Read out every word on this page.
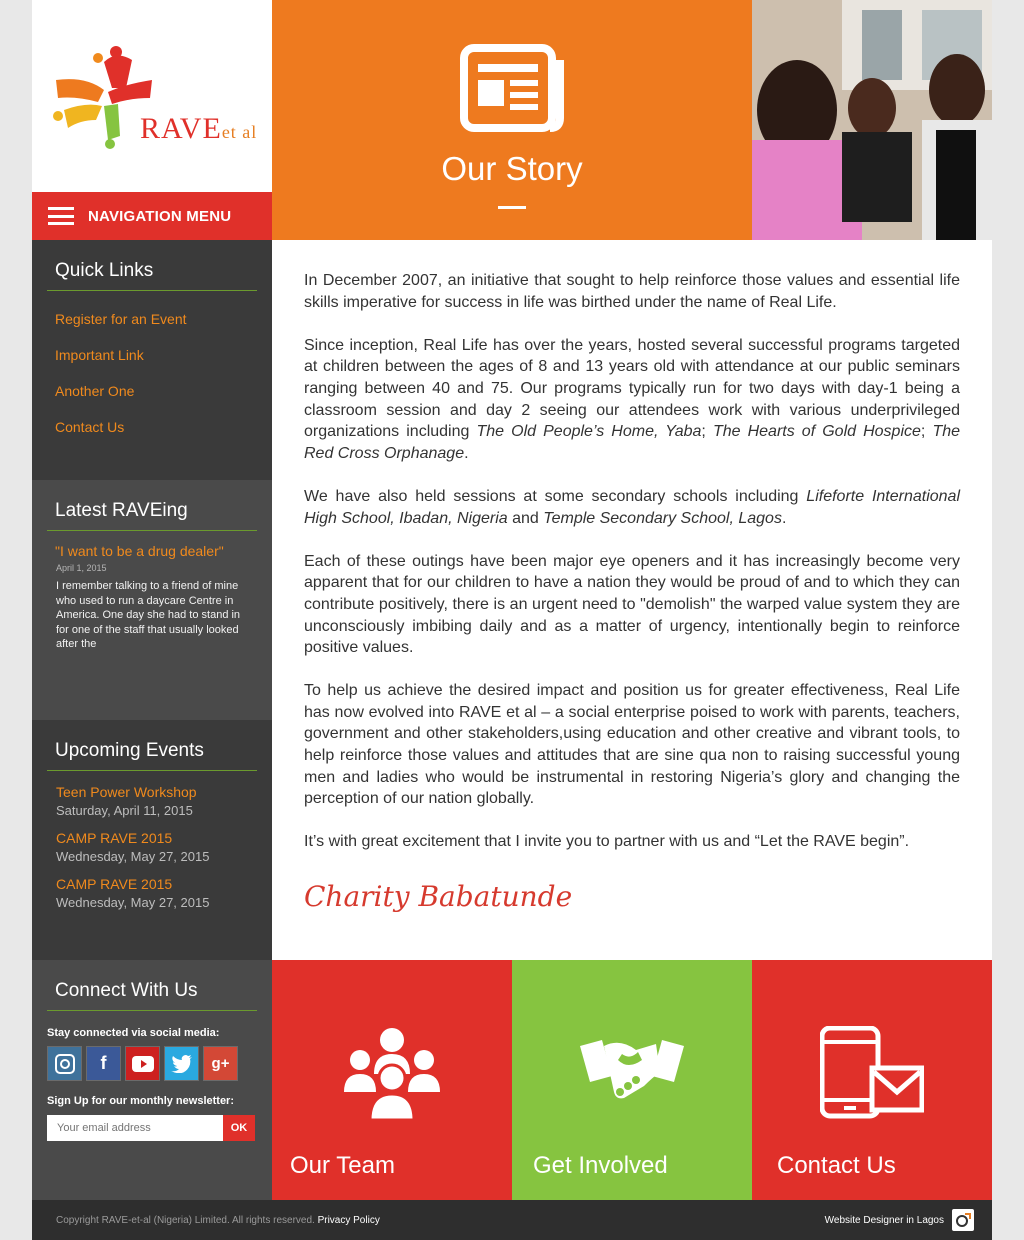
RAVEet al
NAVIGATION MENU
Quick Links
Register for an Event
Important Link
Another One
Contact Us
Latest RAVEing
"I want to be a drug dealer"
April 1, 2015
I remember talking to a friend of mine who used to run a daycare Centre in America. One day she had to stand in for one of the staff that usually looked after the
Upcoming Events
Teen Power Workshop
Saturday, April 11, 2015
CAMP RAVE 2015
Wednesday, May 27, 2015
CAMP RAVE 2015
Wednesday, May 27, 2015
Connect With Us
Stay connected via social media:
f	g+
Sign Up for our monthly newsletter:
Your email address
OK
Our Story

In December 2007, an initiative that sought to help reinforce those values and essential life skills imperative for success in life was birthed under the name of Real Life.

Since inception, Real Life has over the years, hosted several successful programs targeted at children between the ages of 8 and 13 years old with attendance at our public seminars ranging between 40 and 75. Our programs typically run for two days with day-1 being a classroom session and day 2 seeing our attendees work with various underprivileged organizations including The Old People’s Home, Yaba; The Hearts of Gold Hospice; The Red Cross Orphanage.

We have also held sessions at some secondary schools including Lifeforte International High School, Ibadan, Nigeria and Temple Secondary School, Lagos.

Each of these outings have been major eye openers and it has increasingly become very apparent that for our children to have a nation they would be proud of and to which they can contribute positively, there is an urgent need to "demolish" the warped value system they are unconsciously imbibing daily and as a matter of urgency, intentionally begin to reinforce positive values.

To help us achieve the desired impact and position us for greater effectiveness, Real Life has now evolved into RAVE et al – a social enterprise poised to work with parents, teachers, government and other stakeholders,using education and other creative and vibrant tools, to help reinforce those values and attitudes that are sine qua non to raising successful young men and ladies who would be instrumental in restoring Nigeria’s glory and changing the perception of our nation globally.

It’s with great excitement that I invite you to partner with us and “Let the RAVE begin”.

Charity Babatunde
Our Team	Get Involved	Contact Us
Copyright RAVE-et-al (Nigeria) Limited. All rights reserved. Privacy Policy	Website Designer in Lagos
